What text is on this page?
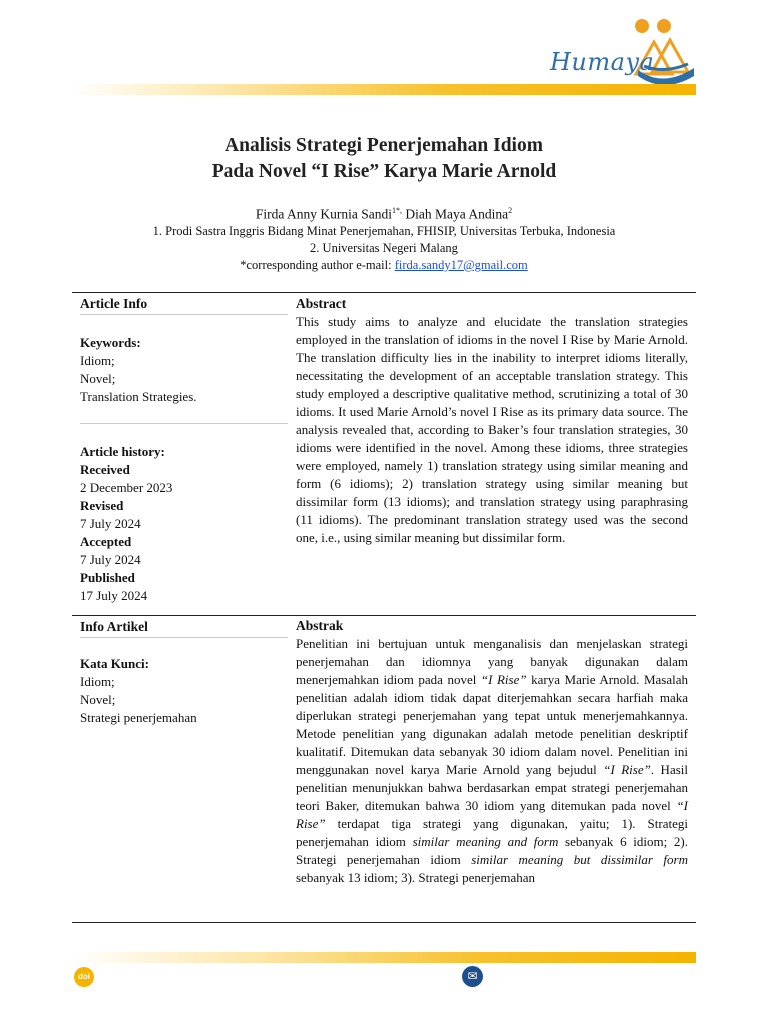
Humaya
Analisis Strategi Penerjemahan Idiom
Pada Novel “I Rise” Karya Marie Arnold
Firda Anny Kurnia Sandi$^{1*,}$ Diah Maya Andina$^2$
1. Prodi Sastra Inggris Bidang Minat Penerjemahan, FHISIP, Universitas Terbuka, Indonesia
2. Universitas Negeri Malang
*corresponding author e-mail: firda.sandy17@gmail.com
Article Info
Keywords:
Idiom;
Novel;
Translation Strategies.
Article history:
Received
2 December 2023
Revised
7 July 2024
Accepted
7 July 2024
Published
17 July 2024
Abstract
This study aims to analyze and elucidate the translation strategies employed in the translation of idioms in the novel I Rise by Marie Arnold. The translation difficulty lies in the inability to interpret idioms literally, necessitating the development of an acceptable translation strategy. This study employed a descriptive qualitative method, scrutinizing a total of 30 idioms. It used Marie Arnold’s novel I Rise as its primary data source. The analysis revealed that, according to Baker’s four translation strategies, 30 idioms were identified in the novel. Among these idioms, three strategies were employed, namely 1) translation strategy using similar meaning and form (6 idioms); 2) translation strategy using similar meaning but dissimilar form (13 idioms); and translation strategy using paraphrasing (11 idioms). The predominant translation strategy used was the second one, i.e., using similar meaning but dissimilar form.
Info Artikel
Kata Kunci:
Idiom;
Novel;
Strategi penerjemahan
Abstrak
Penelitian ini bertujuan untuk menganalisis dan menjelaskan strategi penerjemahan dan idiomnya yang banyak digunakan dalam menerjemahkan idiom pada novel “I Rise” karya Marie Arnold. Masalah penelitian adalah idiom tidak dapat diterjemahkan secara harfiah maka diperlukan strategi penerjemahan yang tepat untuk menerjemahkannya. Metode penelitian yang digunakan adalah metode penelitian deskriptif kualitatif. Ditemukan data sebanyak 30 idiom dalam novel. Penelitian ini menggunakan novel karya Marie Arnold yang bejudul “I Rise”. Hasil penelitian menunjukkan bahwa berdasarkan empat strategi penerjemahan teori Baker, ditemukan bahwa 30 idiom yang ditemukan pada novel “I Rise” terdapat tiga strategi yang digunakan, yaitu; 1). Strategi penerjemahan idiom similar meaning and form sebanyak 6 idiom; 2). Strategi penerjemahan idiom similar meaning but dissimilar form sebanyak 13 idiom; 3). Strategi penerjemahan
doi	✉
